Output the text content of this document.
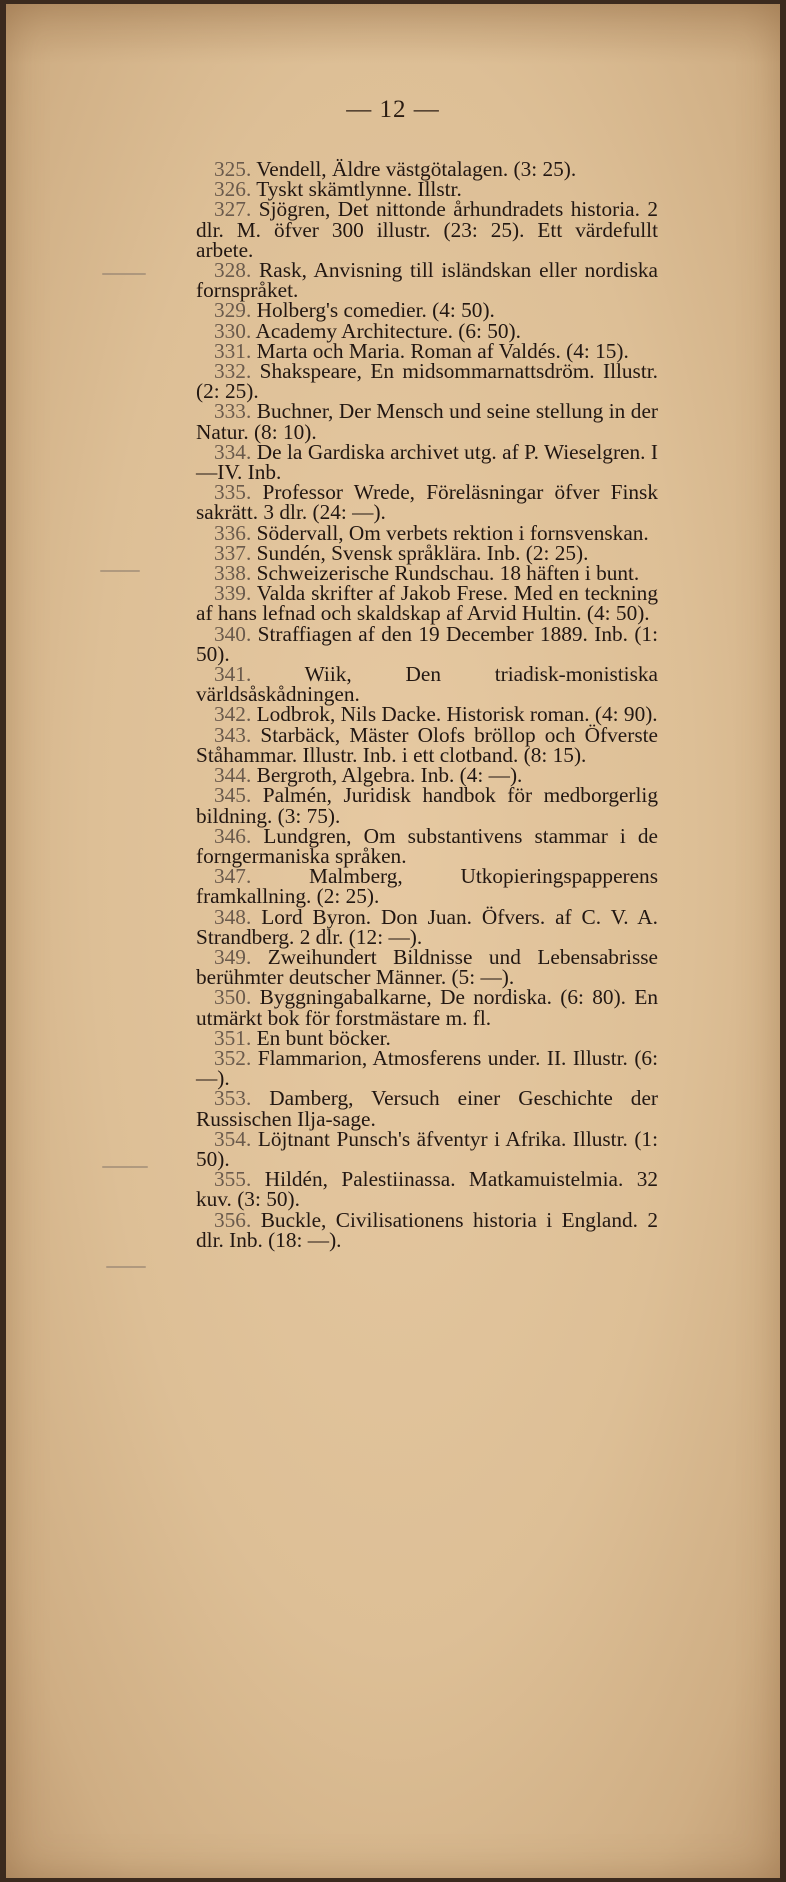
— 12 —

325. Vendell, Äldre västgötalagen. (3: 25).

326. Tyskt skämtlynne. Illstr.

327. Sjögren, Det nittonde århundradets historia. 2 dlr. M. öfver 300 illustr. (23: 25). Ett värdefullt arbete.

328. Rask, Anvisning till isländskan eller nordiska fornspråket.

329. Holberg's comedier. (4: 50).

330. Academy Architecture. (6: 50).

331. Marta och Maria. Roman af Valdés. (4: 15).

332. Shakspeare, En midsommarnattsdröm. Illustr. (2: 25).

333. Buchner, Der Mensch und seine stellung in der Natur. (8: 10).

334. De la Gardiska archivet utg. af P. Wieselgren. I—IV. Inb.

335. Professor Wrede, Föreläsningar öfver Finsk sakrätt. 3 dlr. (24: —).

336. Södervall, Om verbets rektion i fornsvenskan.

337. Sundén, Svensk språklära. Inb. (2: 25).

338. Schweizerische Rundschau. 18 häften i bunt.

339. Valda skrifter af Jakob Frese. Med en teckning af hans lefnad och skaldskap af Arvid Hultin. (4: 50).

340. Straffiagen af den 19 December 1889. Inb. (1: 50).

341.	Wiik, Den triadisk-monistiska världsåskådningen.

342. Lodbrok, Nils Dacke. Historisk roman. (4: 90).

343. Starbäck, Mäster Olofs bröllop och Öfverste Ståhammar. Illustr. Inb. i ett clotband. (8: 15).

344. Bergroth, Algebra. Inb. (4: —).

345. Palmén, Juridisk handbok för medborgerlig bildning. (3: 75).

346. Lundgren, Om substantivens stammar i de forngermaniska språken.

347.	Malmberg, Utkopieringspapperens framkallning. (2: 25).

348. Lord Byron. Don Juan. Öfvers. af C. V. A. Strandberg. 2 dlr. (12: —).

349. Zweihundert Bildnisse und Lebensabrisse berühmter deutscher Männer. (5: —).

350. Byggningabalkarne, De nordiska. (6: 80). En utmärkt bok för forstmästare m. fl.

351. En bunt böcker.

352. Flammarion, Atmosferens under. II. Illustr. (6: —).

353. Damberg, Versuch einer Geschichte der Russischen Ilja-sage.

354. Löjtnant Punsch's äfventyr i Afrika. Illustr. (1: 50).

355. Hildén, Palestiinassa. Matkamuistelmia. 32 kuv. (3: 50).

356. Buckle, Civilisationens historia i England. 2 dlr. Inb. (18: —).
